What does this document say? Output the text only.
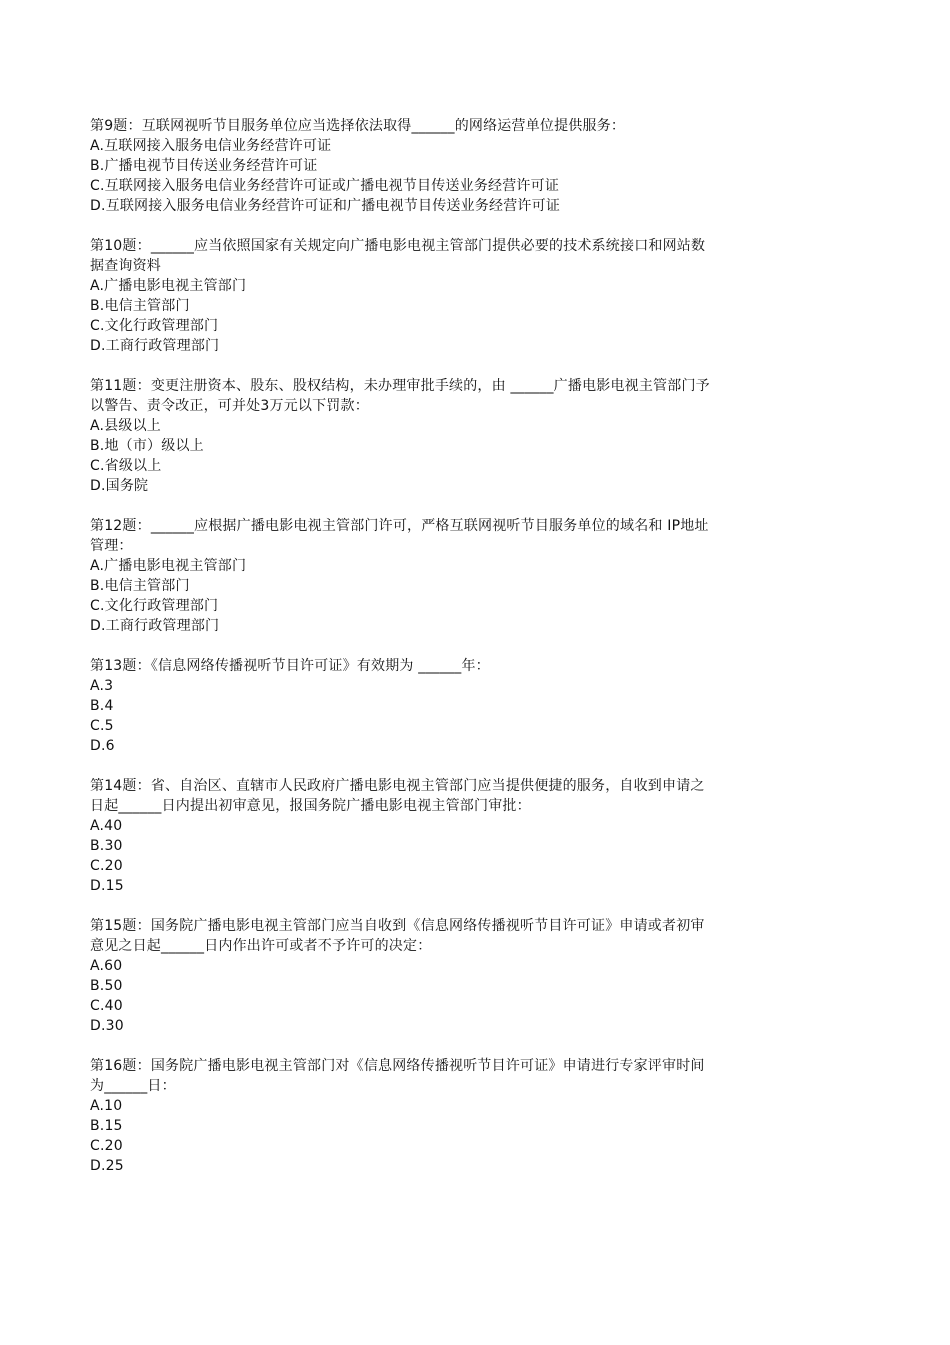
第9题：互联网视听节目服务单位应当选择依法取得______的网络运营单位提供服务：
A.互联网接入服务电信业务经营许可证
B.广播电视节目传送业务经营许可证
C.互联网接入服务电信业务经营许可证或广播电视节目传送业务经营许可证
D.互联网接入服务电信业务经营许可证和广播电视节目传送业务经营许可证
第10题：______应当依照国家有关规定向广播电影电视主管部门提供必要的技术系统接口和网站数
据查询资料
A.广播电影电视主管部门
B.电信主管部门
C.文化行政管理部门
D.工商行政管理部门
第11题：变更注册资本、股东、股权结构，未办理审批手续的，由 ______广播电影电视主管部门予
以警告、责令改正，可并处3万元以下罚款：
A.县级以上
B.地（市）级以上
C.省级以上
D.国务院
第12题：______应根据广播电影电视主管部门许可，严格互联网视听节目服务单位的域名和 IP地址
管理：
A.广播电影电视主管部门
B.电信主管部门
C.文化行政管理部门
D.工商行政管理部门
第13题：《信息网络传播视听节目许可证》有效期为 ______年：
A.3
B.4
C.5
D.6
第14题：省、自治区、直辖市人民政府广播电影电视主管部门应当提供便捷的服务，自收到申请之
日起______日内提出初审意见，报国务院广播电影电视主管部门审批：
A.40
B.30
C.20
D.15
第15题：国务院广播电影电视主管部门应当自收到《信息网络传播视听节目许可证》申请或者初审
意见之日起______日内作出许可或者不予许可的决定：
A.60
B.50
C.40
D.30
第16题：国务院广播电影电视主管部门对《信息网络传播视听节目许可证》申请进行专家评审时间
为______日：
A.10
B.15
C.20
D.25
